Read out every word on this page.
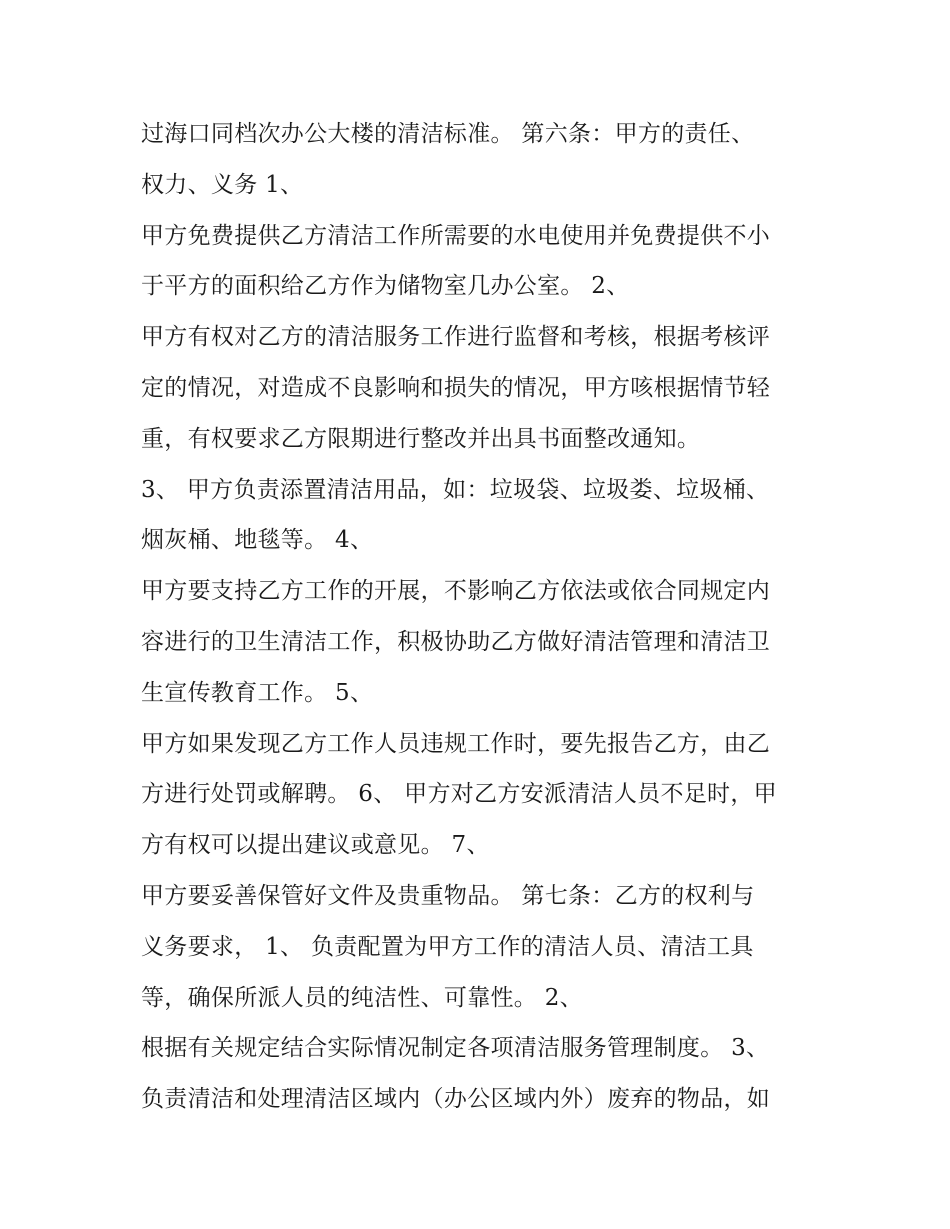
过海口同档次办公大楼的清洁标准。 第六条：甲方的责任、
权力、义务 1、
甲方免费提供乙方清洁工作所需要的水电使用并免费提供不小
于平方的面积给乙方作为储物室几办公室。 2、
甲方有权对乙方的清洁服务工作进行监督和考核，根据考核评
定的情况，对造成不良影响和损失的情况，甲方咳根据情节轻
重，有权要求乙方限期进行整改并出具书面整改通知。
3、 甲方负责添置清洁用品，如：垃圾袋、垃圾娄、垃圾桶、
烟灰桶、地毯等。 4、
甲方要支持乙方工作的开展，不影响乙方依法或依合同规定内
容进行的卫生清洁工作，积极协助乙方做好清洁管理和清洁卫
生宣传教育工作。 5、
甲方如果发现乙方工作人员违规工作时，要先报告乙方，由乙
方进行处罚或解聘。 6、 甲方对乙方安派清洁人员不足时，甲
方有权可以提出建议或意见。 7、
甲方要妥善保管好文件及贵重物品。 第七条：乙方的权利与
义务要求， 1、 负责配置为甲方工作的清洁人员、清洁工具
等，确保所派人员的纯洁性、可靠性。 2、
根据有关规定结合实际情况制定各项清洁服务管理制度。 3、
负责清洁和处理清洁区域内（办公区域内外）废弃的物品，如
